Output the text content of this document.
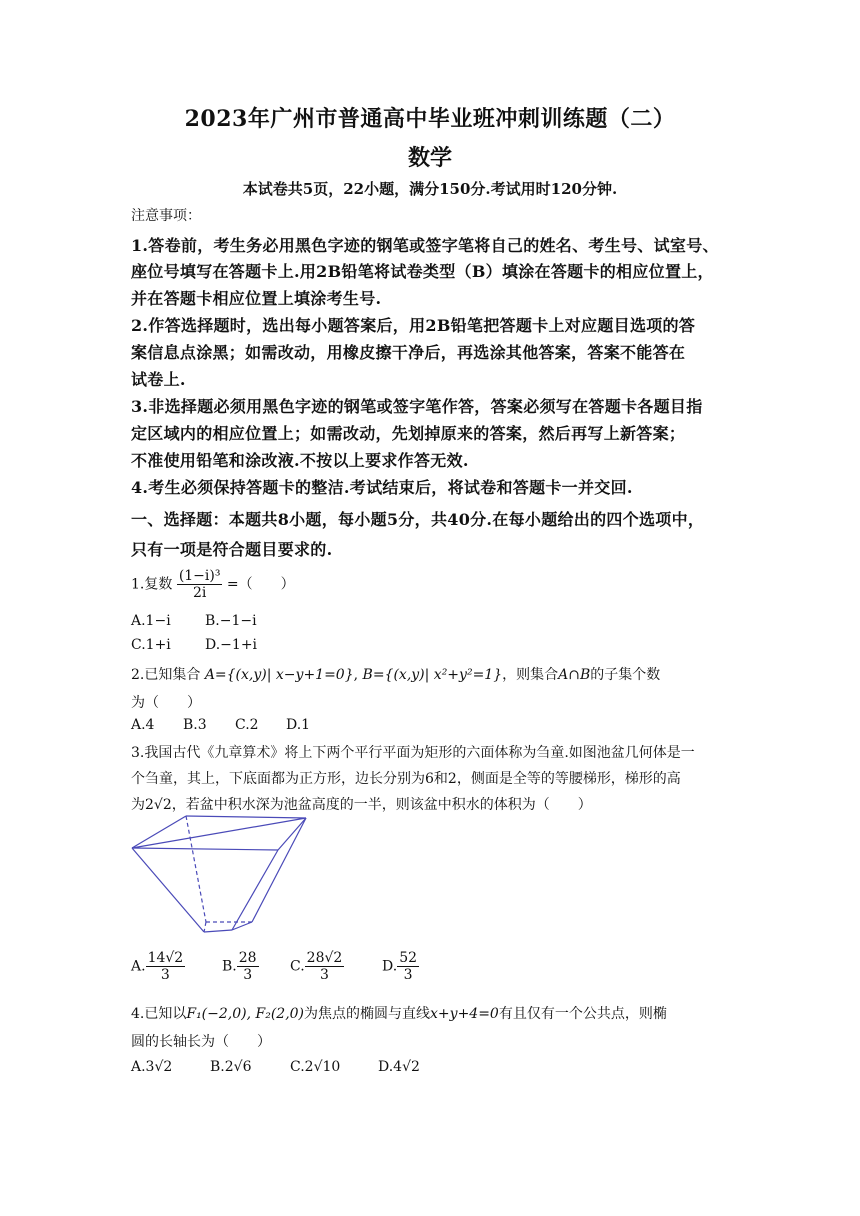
2023年广州市普通高中毕业班冲刺训练题（二）
数学
本试卷共5页，22小题，满分150分.考试用时120分钟.
注意事项：
1.答卷前，考生务必用黑色字迹的钢笔或签字笔将自己的姓名、考生号、试室号、
座位号填写在答题卡上.用2B铅笔将试卷类型（B）填涂在答题卡的相应位置上，
并在答题卡相应位置上填涂考生号.
2.作答选择题时，选出每小题答案后，用2B铅笔把答题卡上对应题目选项的答
案信息点涂黑；如需改动，用橡皮擦干净后，再选涂其他答案，答案不能答在
试卷上.
3.非选择题必须用黑色字迹的钢笔或签字笔作答，答案必须写在答题卡各题目指
定区域内的相应位置上；如需改动，先划掉原来的答案，然后再写上新答案；
不准使用铅笔和涂改液.不按以上要求作答无效.
4.考生必须保持答题卡的整洁.考试结束后，将试卷和答题卡一并交回.
一、选择题：本题共8小题，每小题5分，共40分.在每小题给出的四个选项中，
只有一项是符合题目要求的.
1.复数 $\frac{\text{(1−i)³}}{2i}$ =（　　）
A.1−i B.−1−i
C.1+i D.−1+i
2.已知集合 A={(x,y)| x−y+1=0}, B={(x,y)| x²+y²=1}，则集合A∩B的子集个数
为（　　）
A.4 B.3 C.2 D.1
3.我国古代《九章算术》将上下两个平行平面为矩形的六面体称为刍童.如图池盆几何体是一
个刍童，其上，下底面都为正方形，边长分别为6和2，侧面是全等的等腰梯形，梯形的高
为2√2，若盆中积水深为池盆高度的一半，则该盆中积水的体积为（　　）
A. $\frac{14√2}{3}$	B. $\frac{28}{3} C$. $\frac{28√2}{3}$	D. $\frac{52}{3}$
4.已知以F₁(−2,0), F₂(2,0)为焦点的椭圆与直线x+y+4=0有且仅有一个公共点，则椭
圆的长轴长为（　　）
A.3√2	B.2√6	C.2√10	D.4√2
